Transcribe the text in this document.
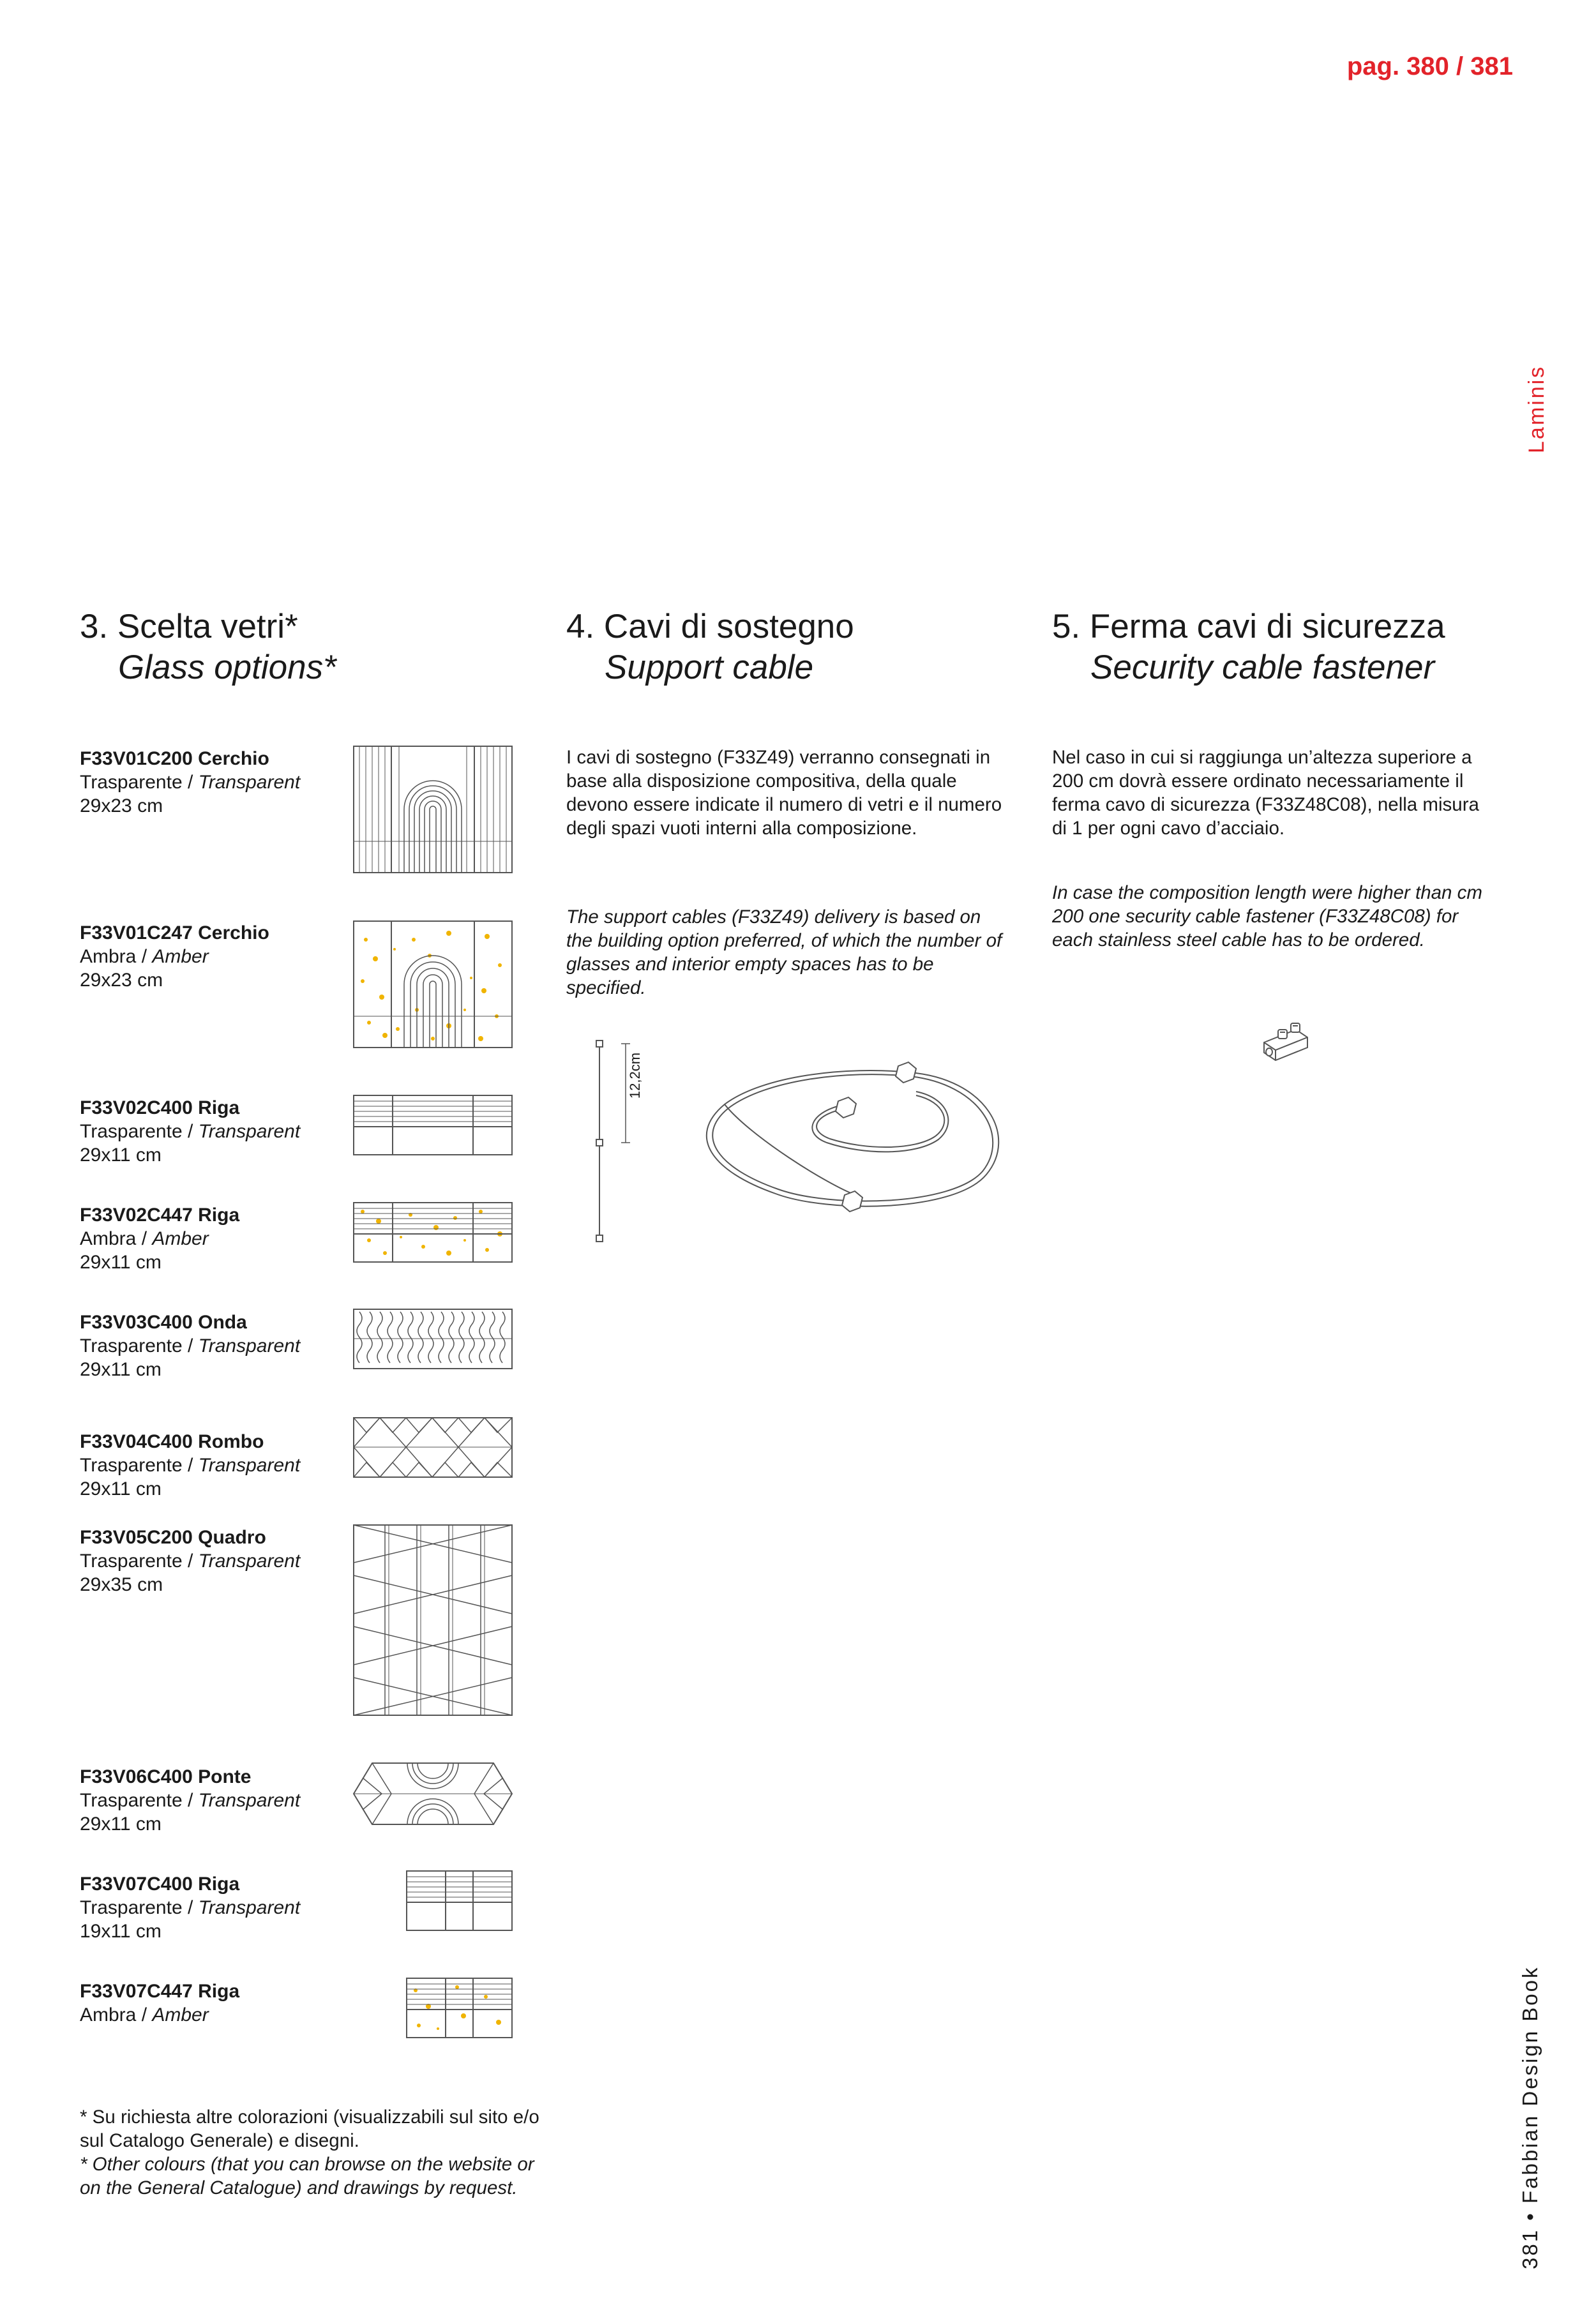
pag. 380 / 381
Laminis
381 • Fabbian Design Book
3. Scelta vetri*
Glass options*
4. Cavi di sostegno
Support cable
5. Ferma cavi di sicurezza
Security cable fastener
F33V01C200 Cerchio
Trasparente / Transparent
29x23 cm
F33V01C247 Cerchio
Ambra / Amber
29x23 cm
F33V02C400 Riga
Trasparente / Transparent
29x11 cm
F33V02C447 Riga
Ambra / Amber
29x11 cm
F33V03C400 Onda
Trasparente / Transparent
29x11 cm
F33V04C400 Rombo
Trasparente / Transparent
29x11 cm
F33V05C200 Quadro
Trasparente / Transparent
29x35 cm
F33V06C400 Ponte
Trasparente / Transparent
29x11 cm
F33V07C400 Riga
Trasparente / Transparent
19x11 cm
F33V07C447 Riga
Ambra / Amber
* Su richiesta altre colorazioni (visualizzabili sul sito e/o sul Catalogo Generale) e disegni.
* Other colours (that you can browse on the website or on the General Catalogue) and drawings by request.
I cavi di sostegno (F33Z49) verranno consegnati in base alla disposizione compositiva, della quale devono essere indicate il numero di vetri e il numero degli spazi vuoti interni alla composizione.
The support cables (F33Z49) delivery is based on the building option preferred, of which the number of glasses and interior empty spaces has to be specified.
12,2cm
Nel caso in cui si raggiunga un’altezza superiore a 200 cm dovrà essere ordinato necessariamente il ferma cavo di sicurezza (F33Z48C08), nella misura di 1 per ogni cavo d’acciaio.
In case the composition length were higher than cm 200 one security cable fastener (F33Z48C08) for each stainless steel cable has to be ordered.
